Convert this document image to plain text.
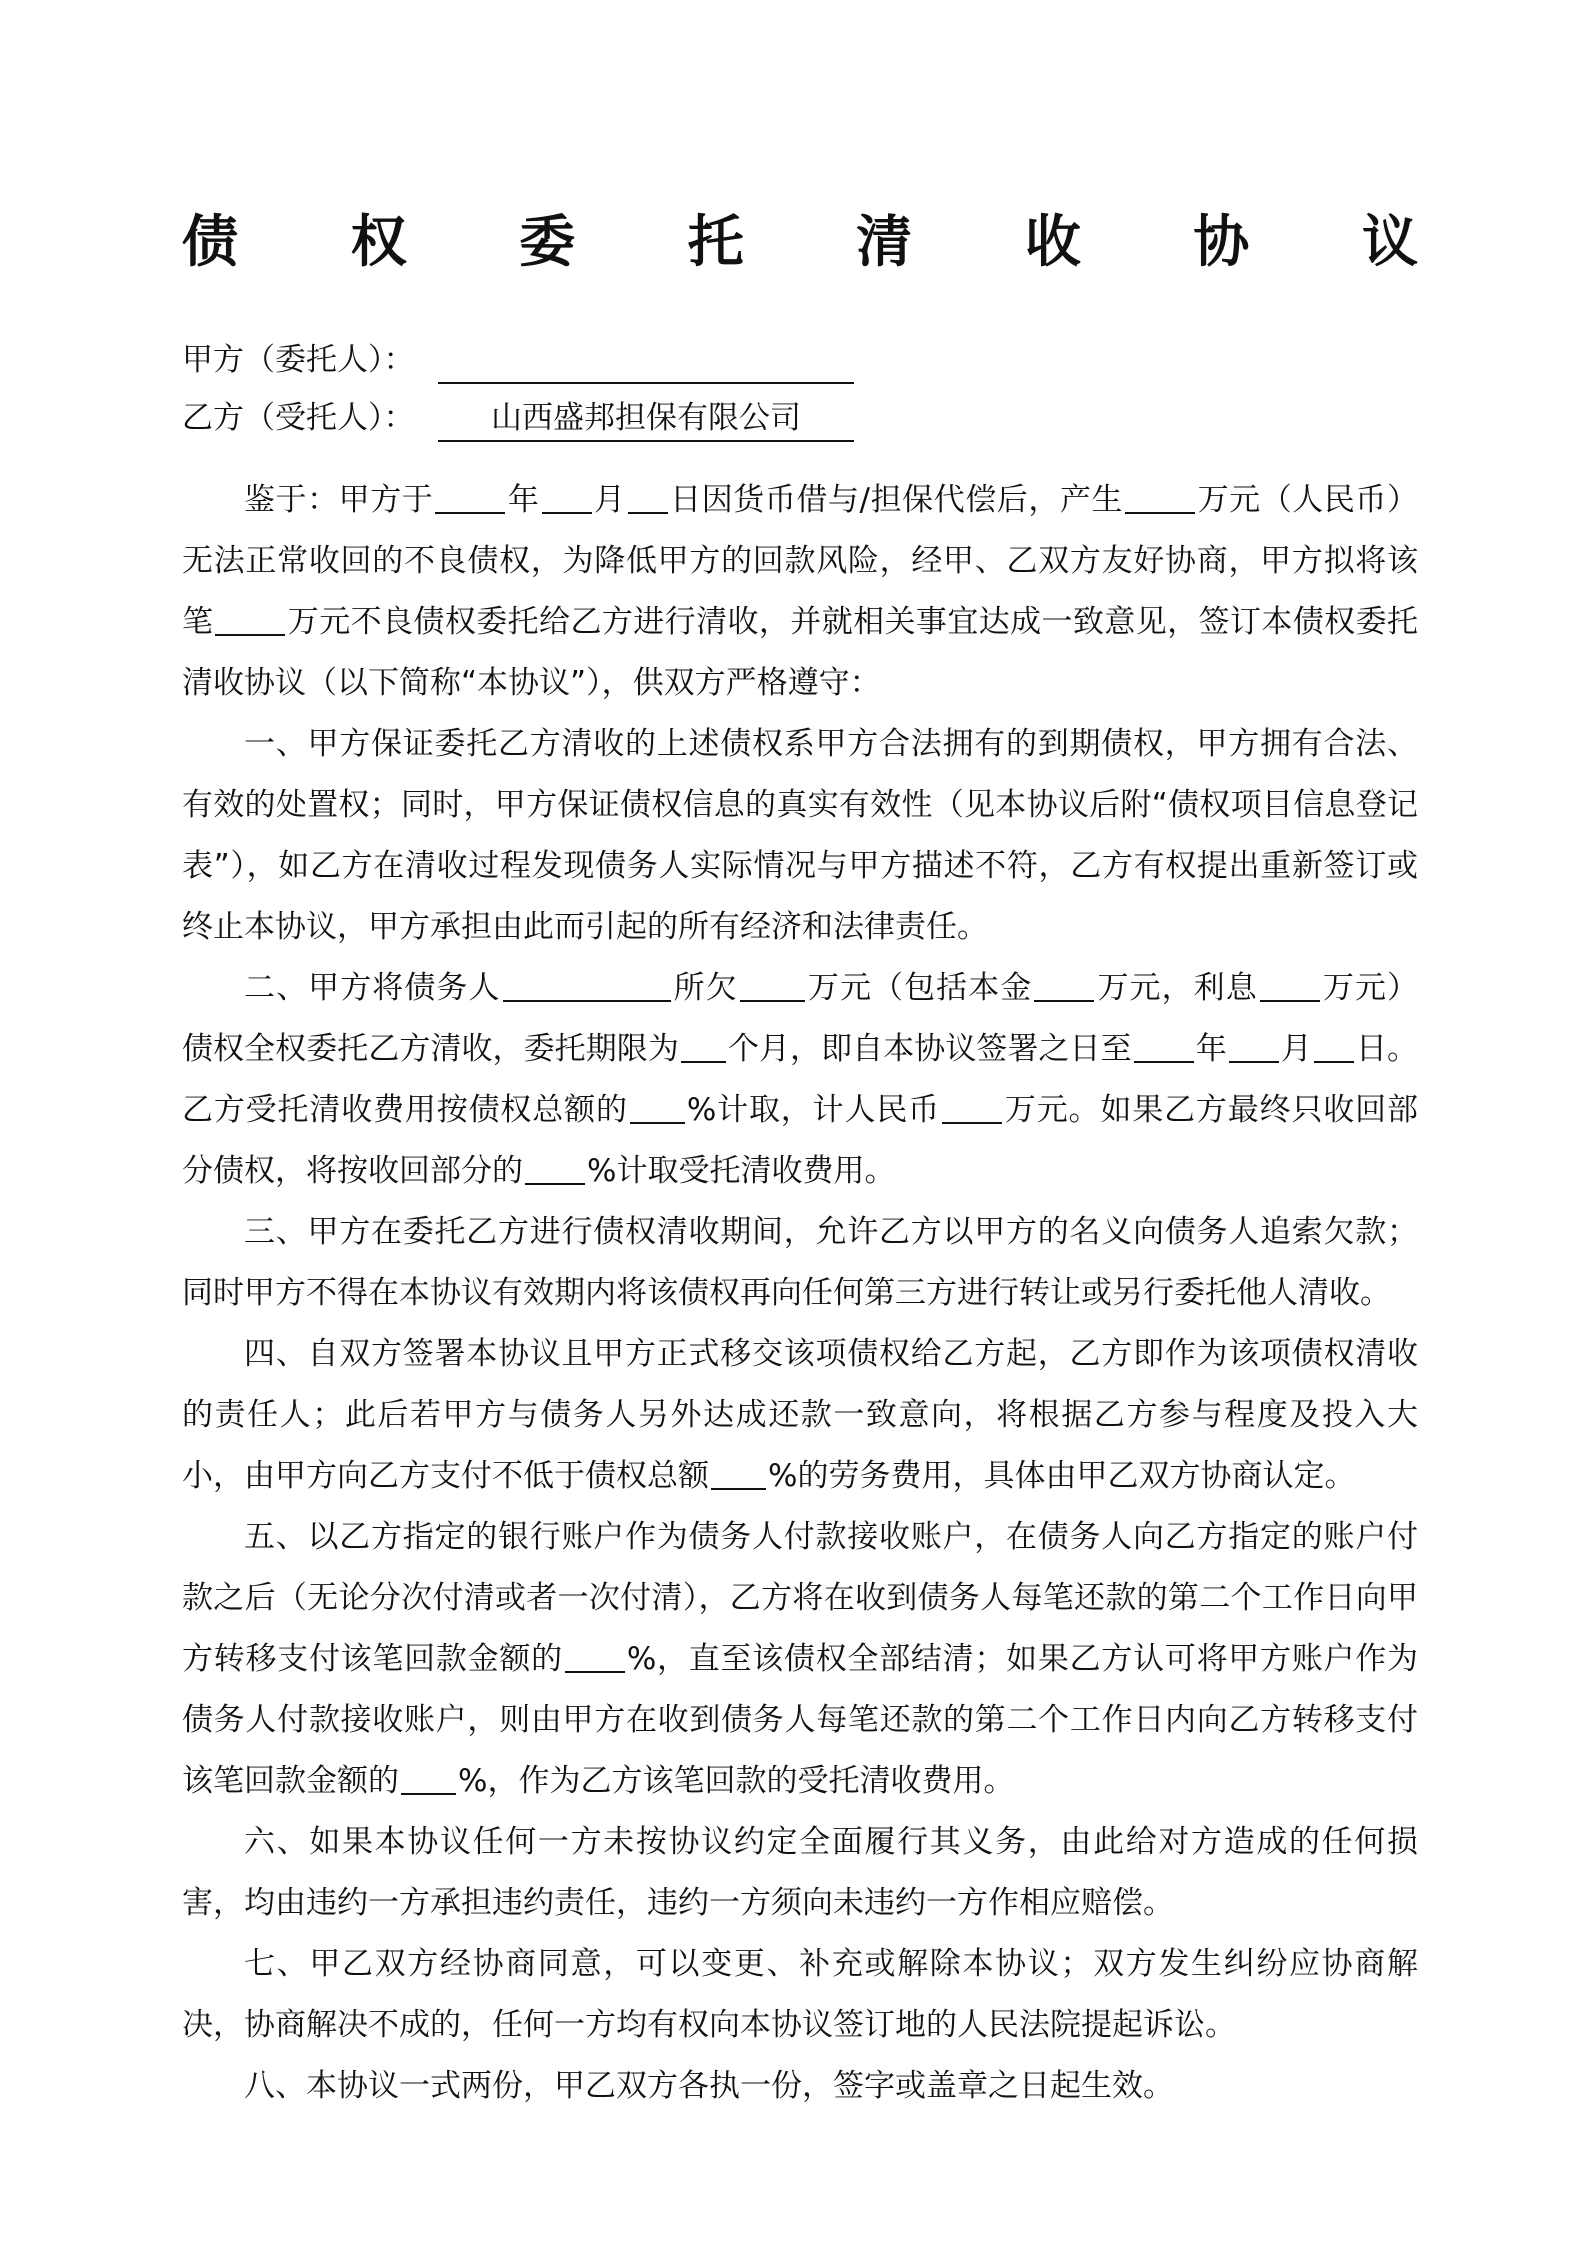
债 权 委 托 清 收 协 议
甲方（委托人）：
乙方（受托人）：	山西盛邦担保有限公司

鉴于：甲方于 年 月 日因货币借与/担保代偿后，产生 万元（人民币）无法正常收回的不良债权，为降低甲方的回款风险，经甲、乙双方友好协商，甲方拟将该笔 万元不良债权委托给乙方进行清收，并就相关事宜达成一致意见，签订本债权委托清收协议（以下简称“本协议”），供双方严格遵守：

一、甲方保证委托乙方清收的上述债权系甲方合法拥有的到期债权，甲方拥有合法、有效的处置权；同时，甲方保证债权信息的真实有效性（见本协议后附“债权项目信息登记表”），如乙方在清收过程发现债务人实际情况与甲方描述不符，乙方有权提出重新签订或终止本协议，甲方承担由此而引起的所有经济和法律责任。

二、甲方将债务人	所欠 万元（包括本金 万元，利息 万元）债权全权委托乙方清收，委托期限为 个月，即自本协议签署之日至 年 月 日。乙方受托清收费用按债权总额的 %计取，计人民币 万元。如果乙方最终只收回部分债权，将按收回部分的 %计取受托清收费用。

三、甲方在委托乙方进行债权清收期间，允许乙方以甲方的名义向债务人追索欠款；同时甲方不得在本协议有效期内将该债权再向任何第三方进行转让或另行委托他人清收。

四、自双方签署本协议且甲方正式移交该项债权给乙方起，乙方即作为该项债权清收的责任人；此后若甲方与债务人另外达成还款一致意向，将根据乙方参与程度及投入大小，由甲方向乙方支付不低于债权总额 %的劳务费用，具体由甲乙双方协商认定。

五、以乙方指定的银行账户作为债务人付款接收账户，在债务人向乙方指定的账户付款之后（无论分次付清或者一次付清），乙方将在收到债务人每笔还款的第二个工作日向甲方转移支付该笔回款金额的 %，直至该债权全部结清；如果乙方认可将甲方账户作为债务人付款接收账户，则由甲方在收到债务人每笔还款的第二个工作日内向乙方转移支付该笔回款金额的 %，作为乙方该笔回款的受托清收费用。

六、如果本协议任何一方未按协议约定全面履行其义务，由此给对方造成的任何损害，均由违约一方承担违约责任，违约一方须向未违约一方作相应赔偿。

七、甲乙双方经协商同意，可以变更、补充或解除本协议；双方发生纠纷应协商解决，协商解决不成的，任何一方均有权向本协议签订地的人民法院提起诉讼。

八、本协议一式两份，甲乙双方各执一份，签字或盖章之日起生效。
